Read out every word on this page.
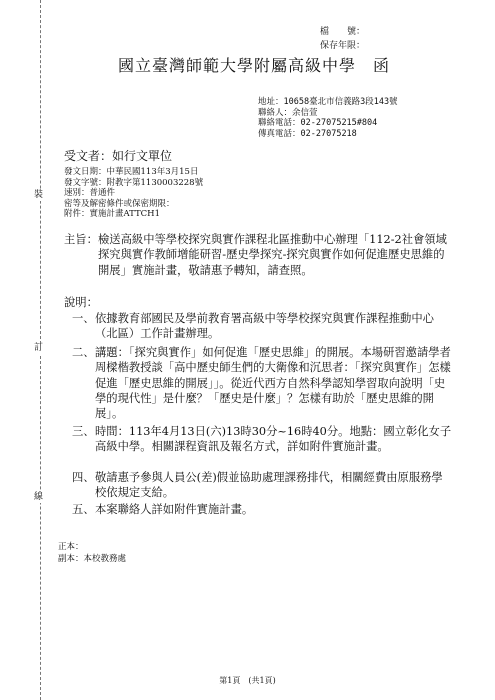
裝
訂
線
檔　　號：
保存年限：
國立臺灣師範大學附屬高級中學　函
地址：10658臺北市信義路3段143號
聯絡人：余信萱
聯絡電話：02-27075215#804
傳真電話：02-27075218
受文者：如行文單位
發文日期：中華民國113年3月15日
發文字號：附教字第1130003228號
速別：普通件
密等及解密條件或保密期限：
附件：實施計畫ATTCH1
主旨： 檢送高級中等學校探究與實作課程北區推動中心辦理「112-2社會領域探究與實作教師增能研習-歷史學探究-探究與實作如何促進歷史思維的開展」實施計畫，敬請惠予轉知，請查照。
說明：
一、 依據教育部國民及學前教育署高級中等學校探究與實作課程推動中心（北區）工作計畫辦理。
二、 講題：「探究與實作」如何促進「歷史思維」的開展。本場研習邀請學者周樑楷教授談「高中歷史師生們的大衛像和沉思者：「探究與實作」怎樣促進「歷史思維的開展」」。從近代西方自然科學認知學習取向說明「史學的現代性」是什麼？「歷史是什麼」？怎樣有助於「歷史思維的開展」。
三、 時間：113年4月13日(六)13時30分~16時40分。地點：國立彰化女子高級中學。相關課程資訊及報名方式，詳如附件實施計畫。
四、 敬請惠予參與人員公(差)假並協助處理課務排代，相關經費由原服務學校依規定支給。
五、 本案聯絡人詳如附件實施計畫。
正本：
副本：本校教務處
第1頁　(共1頁)
